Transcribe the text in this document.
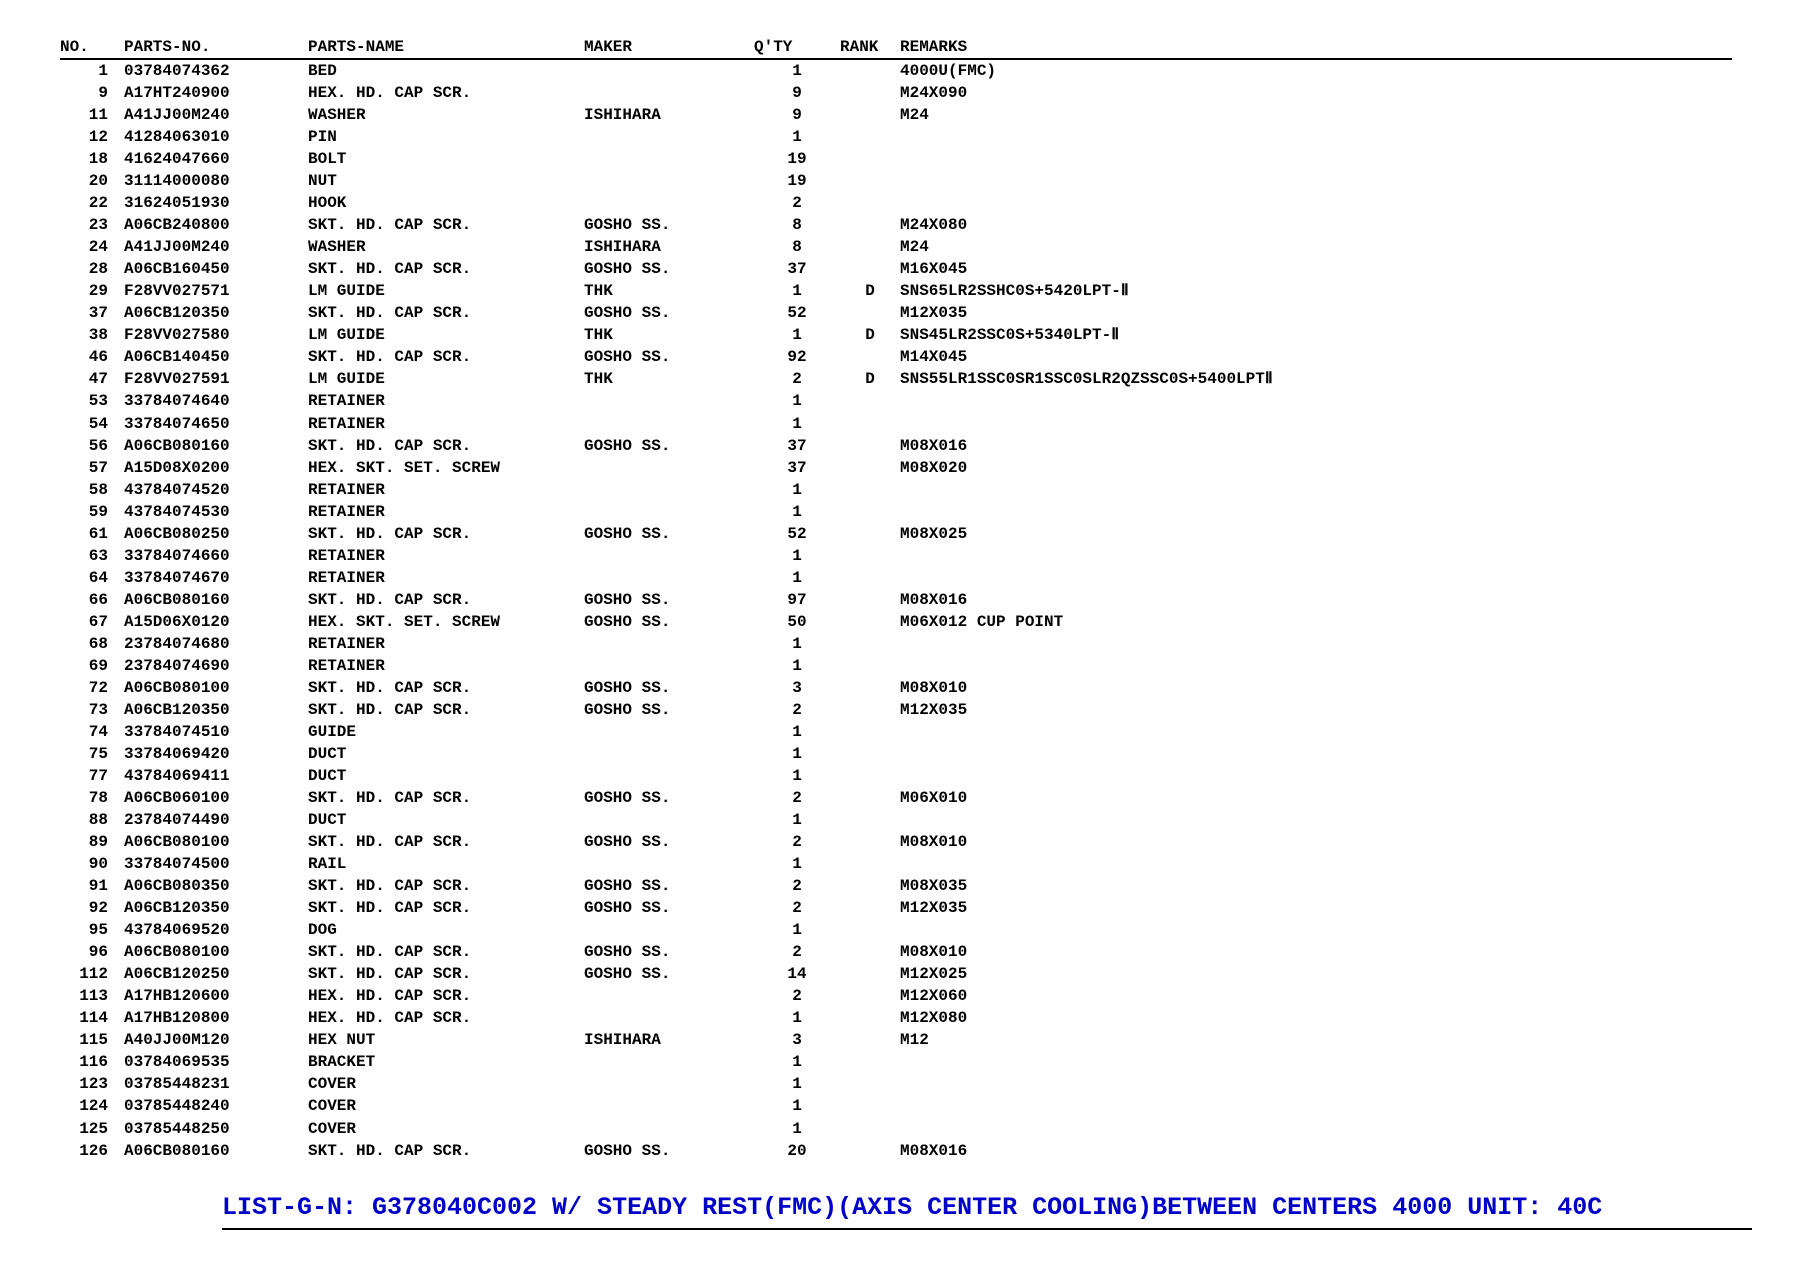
NO.	PARTS-NO.	PARTS-NAME	MAKER	Q'TY	RANK	REMARKS
1	03784074362	BED		1		4000U(FMC)
9	A17HT240900	HEX. HD. CAP SCR.		9		M24X090
11	A41JJ00M240	WASHER	ISHIHARA	9		M24
12	41284063010	PIN		1		
18	41624047660	BOLT		19		
20	31114000080	NUT		19		
22	31624051930	HOOK		2		
23	A06CB240800	SKT. HD. CAP SCR.	GOSHO SS.	8		M24X080
24	A41JJ00M240	WASHER	ISHIHARA	8		M24
28	A06CB160450	SKT. HD. CAP SCR.	GOSHO SS.	37		M16X045
29	F28VV027571	LM GUIDE	THK	1	D	SNS65LR2SSHC0S+5420LPT-Ⅱ
37	A06CB120350	SKT. HD. CAP SCR.	GOSHO SS.	52		M12X035
38	F28VV027580	LM GUIDE	THK	1	D	SNS45LR2SSC0S+5340LPT-Ⅱ
46	A06CB140450	SKT. HD. CAP SCR.	GOSHO SS.	92		M14X045
47	F28VV027591	LM GUIDE	THK	2	D	SNS55LR1SSC0SR1SSC0SLR2QZSSC0S+5400LPTⅡ
53	33784074640	RETAINER		1		
54	33784074650	RETAINER		1		
56	A06CB080160	SKT. HD. CAP SCR.	GOSHO SS.	37		M08X016
57	A15D08X0200	HEX. SKT. SET. SCREW		37		M08X020
58	43784074520	RETAINER		1		
59	43784074530	RETAINER		1		
61	A06CB080250	SKT. HD. CAP SCR.	GOSHO SS.	52		M08X025
63	33784074660	RETAINER		1		
64	33784074670	RETAINER		1		
66	A06CB080160	SKT. HD. CAP SCR.	GOSHO SS.	97		M08X016
67	A15D06X0120	HEX. SKT. SET. SCREW	GOSHO SS.	50		M06X012 CUP POINT
68	23784074680	RETAINER		1		
69	23784074690	RETAINER		1		
72	A06CB080100	SKT. HD. CAP SCR.	GOSHO SS.	3		M08X010
73	A06CB120350	SKT. HD. CAP SCR.	GOSHO SS.	2		M12X035
74	33784074510	GUIDE		1		
75	33784069420	DUCT		1		
77	43784069411	DUCT		1		
78	A06CB060100	SKT. HD. CAP SCR.	GOSHO SS.	2		M06X010
88	23784074490	DUCT		1		
89	A06CB080100	SKT. HD. CAP SCR.	GOSHO SS.	2		M08X010
90	33784074500	RAIL		1		
91	A06CB080350	SKT. HD. CAP SCR.	GOSHO SS.	2		M08X035
92	A06CB120350	SKT. HD. CAP SCR.	GOSHO SS.	2		M12X035
95	43784069520	DOG		1		
96	A06CB080100	SKT. HD. CAP SCR.	GOSHO SS.	2		M08X010
112	A06CB120250	SKT. HD. CAP SCR.	GOSHO SS.	14		M12X025
113	A17HB120600	HEX. HD. CAP SCR.		2		M12X060
114	A17HB120800	HEX. HD. CAP SCR.		1		M12X080
115	A40JJ00M120	HEX NUT	ISHIHARA	3		M12
116	03784069535	BRACKET		1		
123	03785448231	COVER		1		
124	03785448240	COVER		1		
125	03785448250	COVER		1		
126	A06CB080160	SKT. HD. CAP SCR.	GOSHO SS.	20		M08X016
LIST-G-N: G378040C002 W/ STEADY REST(FMC)(AXIS CENTER COOLING)BETWEEN CENTERS 4000 UNIT: 40C
